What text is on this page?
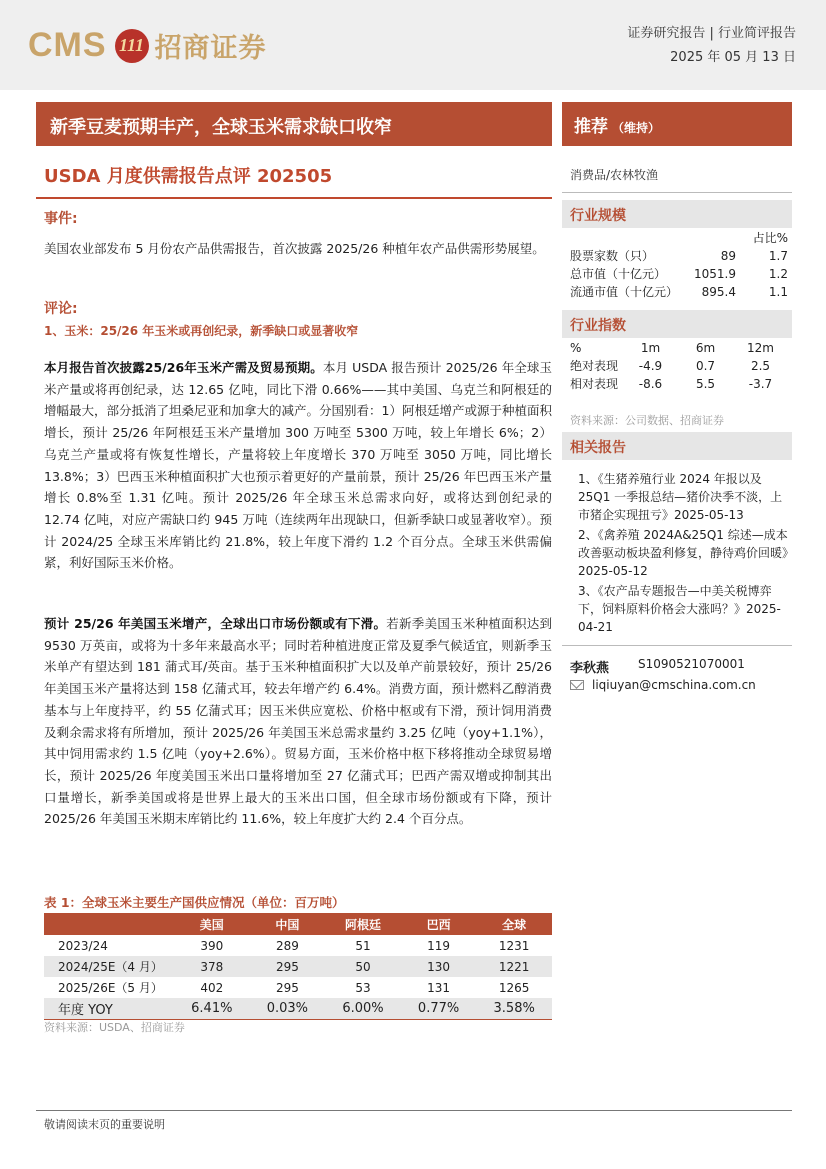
CMS 111 招商证券	证券研究报告 | 行业简评报告
2025 年 05 月 13 日
新季豆麦预期丰产，全球玉米需求缺口收窄
USDA 月度供需报告点评 202505
事件:
美国农业部发布 5 月份农产品供需报告，首次披露 2025/26 种植年农产品供需形势展望。
评论:
1、玉米：25/26 年玉米或再创纪录，新季缺口或显著收窄
本月报告首次披露25/26年玉米产需及贸易预期。本月 USDA 报告预计 2025/26 年全球玉米产量或将再创纪录，达 12.65 亿吨，同比下滑 0.66%——其中美国、乌克兰和阿根廷的增幅最大，部分抵消了坦桑尼亚和加拿大的减产。分国别看：1）阿根廷增产或源于种植面积增长，预计 25/26 年阿根廷玉米产量增加 300 万吨至 5300 万吨，较上年增长 6%；2）乌克兰产量或将有恢复性增长，产量将较上年度增长 370 万吨至 3050 万吨，同比增长 13.8%；3）巴西玉米种植面积扩大也预示着更好的产量前景，预计 25/26 年巴西玉米产量增长 0.8%至 1.31 亿吨。预计 2025/26 年全球玉米总需求向好，或将达到创纪录的 12.74 亿吨，对应产需缺口约 945 万吨（连续两年出现缺口，但新季缺口或显著收窄）。预计 2024/25 全球玉米库销比约 21.8%，较上年度下滑约 1.2 个百分点。全球玉米供需偏紧，利好国际玉米价格。
预计 25/26 年美国玉米增产，全球出口市场份额或有下滑。若新季美国玉米种植面积达到 9530 万英亩，或将为十多年来最高水平；同时若种植进度正常及夏季气候适宜，则新季玉米单产有望达到 181 蒲式耳/英亩。基于玉米种植面积扩大以及单产前景较好，预计 25/26 年美国玉米产量将达到 158 亿蒲式耳，较去年增产约 6.4%。消费方面，预计燃料乙醇消费基本与上年度持平，约 55 亿蒲式耳；因玉米供应宽松、价格中枢或有下滑，预计饲用消费及剩余需求将有所增加，预计 2025/26 年美国玉米总需求量约 3.25 亿吨（yoy+1.1%），其中饲用需求约 1.5 亿吨（yoy+2.6%）。贸易方面，玉米价格中枢下移将推动全球贸易增长，预计 2025/26 年度美国玉米出口量将增加至 27 亿蒲式耳；巴西产需双增或抑制其出口量增长，新季美国或将是世界上最大的玉米出口国，但全球市场份额或有下降，预计 2025/26 年美国玉米期末库销比约 11.6%，较上年度扩大约 2.4 个百分点。
表 1：全球玉米主要生产国供应情况（单位：百万吨）
	美国	中国	阿根廷	巴西	全球
2023/24	390	289	51	119	1231
2024/25E（4 月）	378	295	50	130	1221
2025/26E（5 月）	402	295	53	131	1265
年度 YOY	6.41%	0.03%	6.00%	0.77%	3.58%
资料来源：USDA、招商证券
推荐 （维持）
消费品/农林牧渔
行业规模
占比%
股票家数（只）	89	1.7
总市值（十亿元）	1051.9	1.2
流通市值（十亿元）	895.4	1.1
行业指数
%	1m	6m	12m
绝对表现	-4.9	0.7	2.5
相对表现	-8.6	5.5	-3.7
资料来源：公司数据、招商证券
相关报告
1、《生猪养殖行业 2024 年报以及 25Q1 一季报总结—猪价决季不淡，上市猪企实现扭亏》2025-05-13
2、《禽养殖 2024A&25Q1 综述—成本改善驱动板块盈利修复，静待鸡价回暖》2025-05-12
3、《农产品专题报告—中美关税博弈下，饲料原料价格会大涨吗？》2025-04-21
李秋燕 S1090521070001
liqiuyan@cmschina.com.cn
敬请阅读末页的重要说明
